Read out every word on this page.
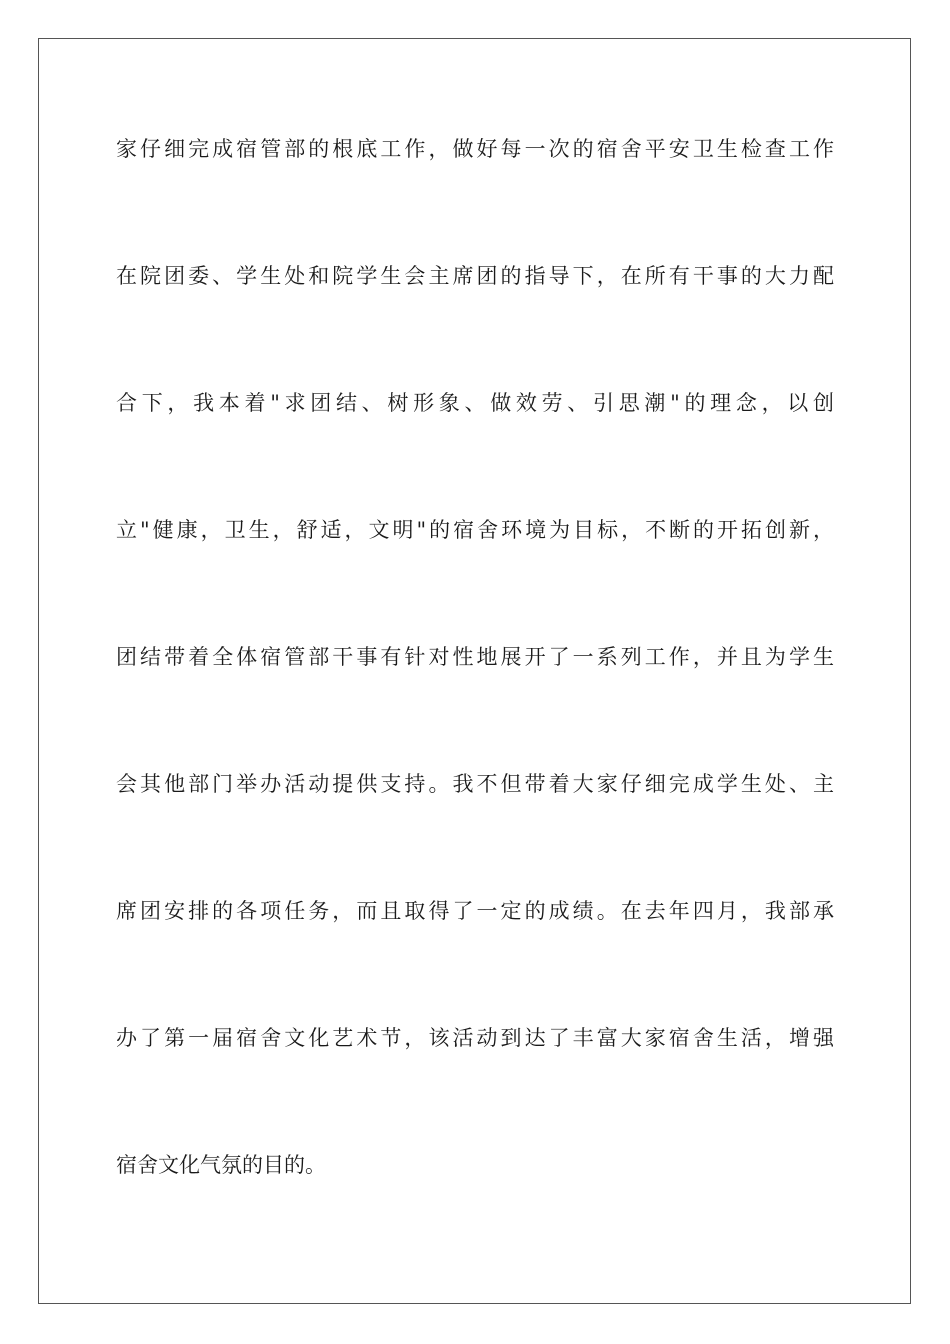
家仔细完成宿管部的根底工作，做好每一次的宿舍平安卫生检查工作

在院团委、学生处和院学生会主席团的指导下，在所有干事的大力配

合下，我本着"求团结、树形象、做效劳、引思潮"的理念，以创

立"健康，卫生，舒适，文明"的宿舍环境为目标，不断的开拓创新，

团结带着全体宿管部干事有针对性地展开了一系列工作，并且为学生

会其他部门举办活动提供支持。我不但带着大家仔细完成学生处、主

席团安排的各项任务，而且取得了一定的成绩。在去年四月，我部承

办了第一届宿舍文化艺术节，该活动到达了丰富大家宿舍生活，增强

宿舍文化气氛的目的。
